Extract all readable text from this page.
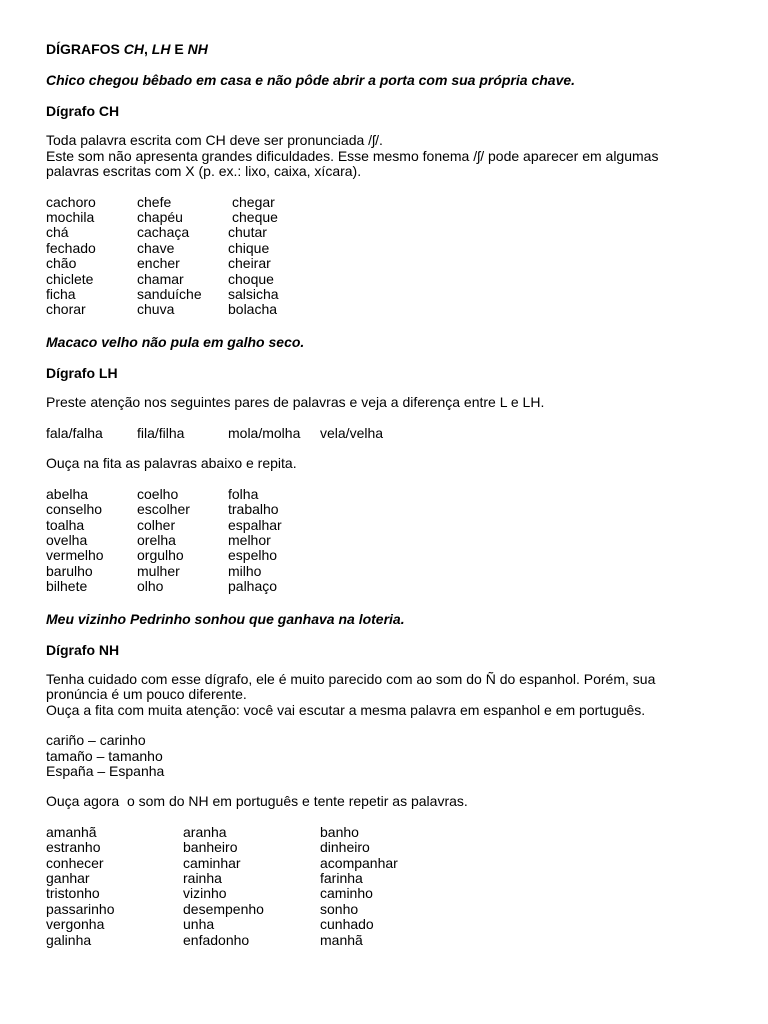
DÍGRAFOS CH, LH E NH
Chico chegou bêbado em casa e não pôde abrir a porta com sua própria chave.
Dígrafo CH

Toda palavra escrita com CH deve ser pronunciada /ʃ/.

Este som não apresenta grandes dificuldades. Esse mesmo fonema /ʃ/ pode aparecer em algumas

palavras escritas com X (p. ex.: lixo, caixa, xícara).

cachoro	chefe	chegar
mochila	chapéu	cheque
chá	cachaça	chutar
fechado	chave	chique
chão	encher	cheirar
chiclete	chamar	choque
ficha	sanduíche	salsicha
chorar	chuva	bolacha
Macaco velho não pula em galho seco.
Dígrafo LH
Preste atenção nos seguintes pares de palavras e veja a diferença entre L e LH.
fala/falha	fila/filha	mola/molha	vela/velha
Ouça na fita as palavras abaixo e repita.
abelha	coelho	folha
conselho	escolher	trabalho
toalha	colher	espalhar
ovelha	orelha	melhor
vermelho	orgulho	espelho
barulho	mulher	milho
bilhete	olho	palhaço
Meu vizinho Pedrinho sonhou que ganhava na loteria.
Dígrafo NH

Tenha cuidado com esse dígrafo, ele é muito parecido com ao som do Ñ do espanhol. Porém, sua

pronúncia é um pouco diferente.

Ouça a fita com muita atenção: você vai escutar a mesma palavra em espanhol e em português.

cariño – carinho
tamaño – tamanho
España – Espanha
Ouça agora  o som do NH em português e tente repetir as palavras.
amanhã	aranha	banho
estranho	banheiro	dinheiro
conhecer	caminhar	acompanhar
ganhar	rainha	farinha
tristonho	vizinho	caminho
passarinho	desempenho	sonho
vergonha	unha	cunhado
galinha	enfadonho	manhã
